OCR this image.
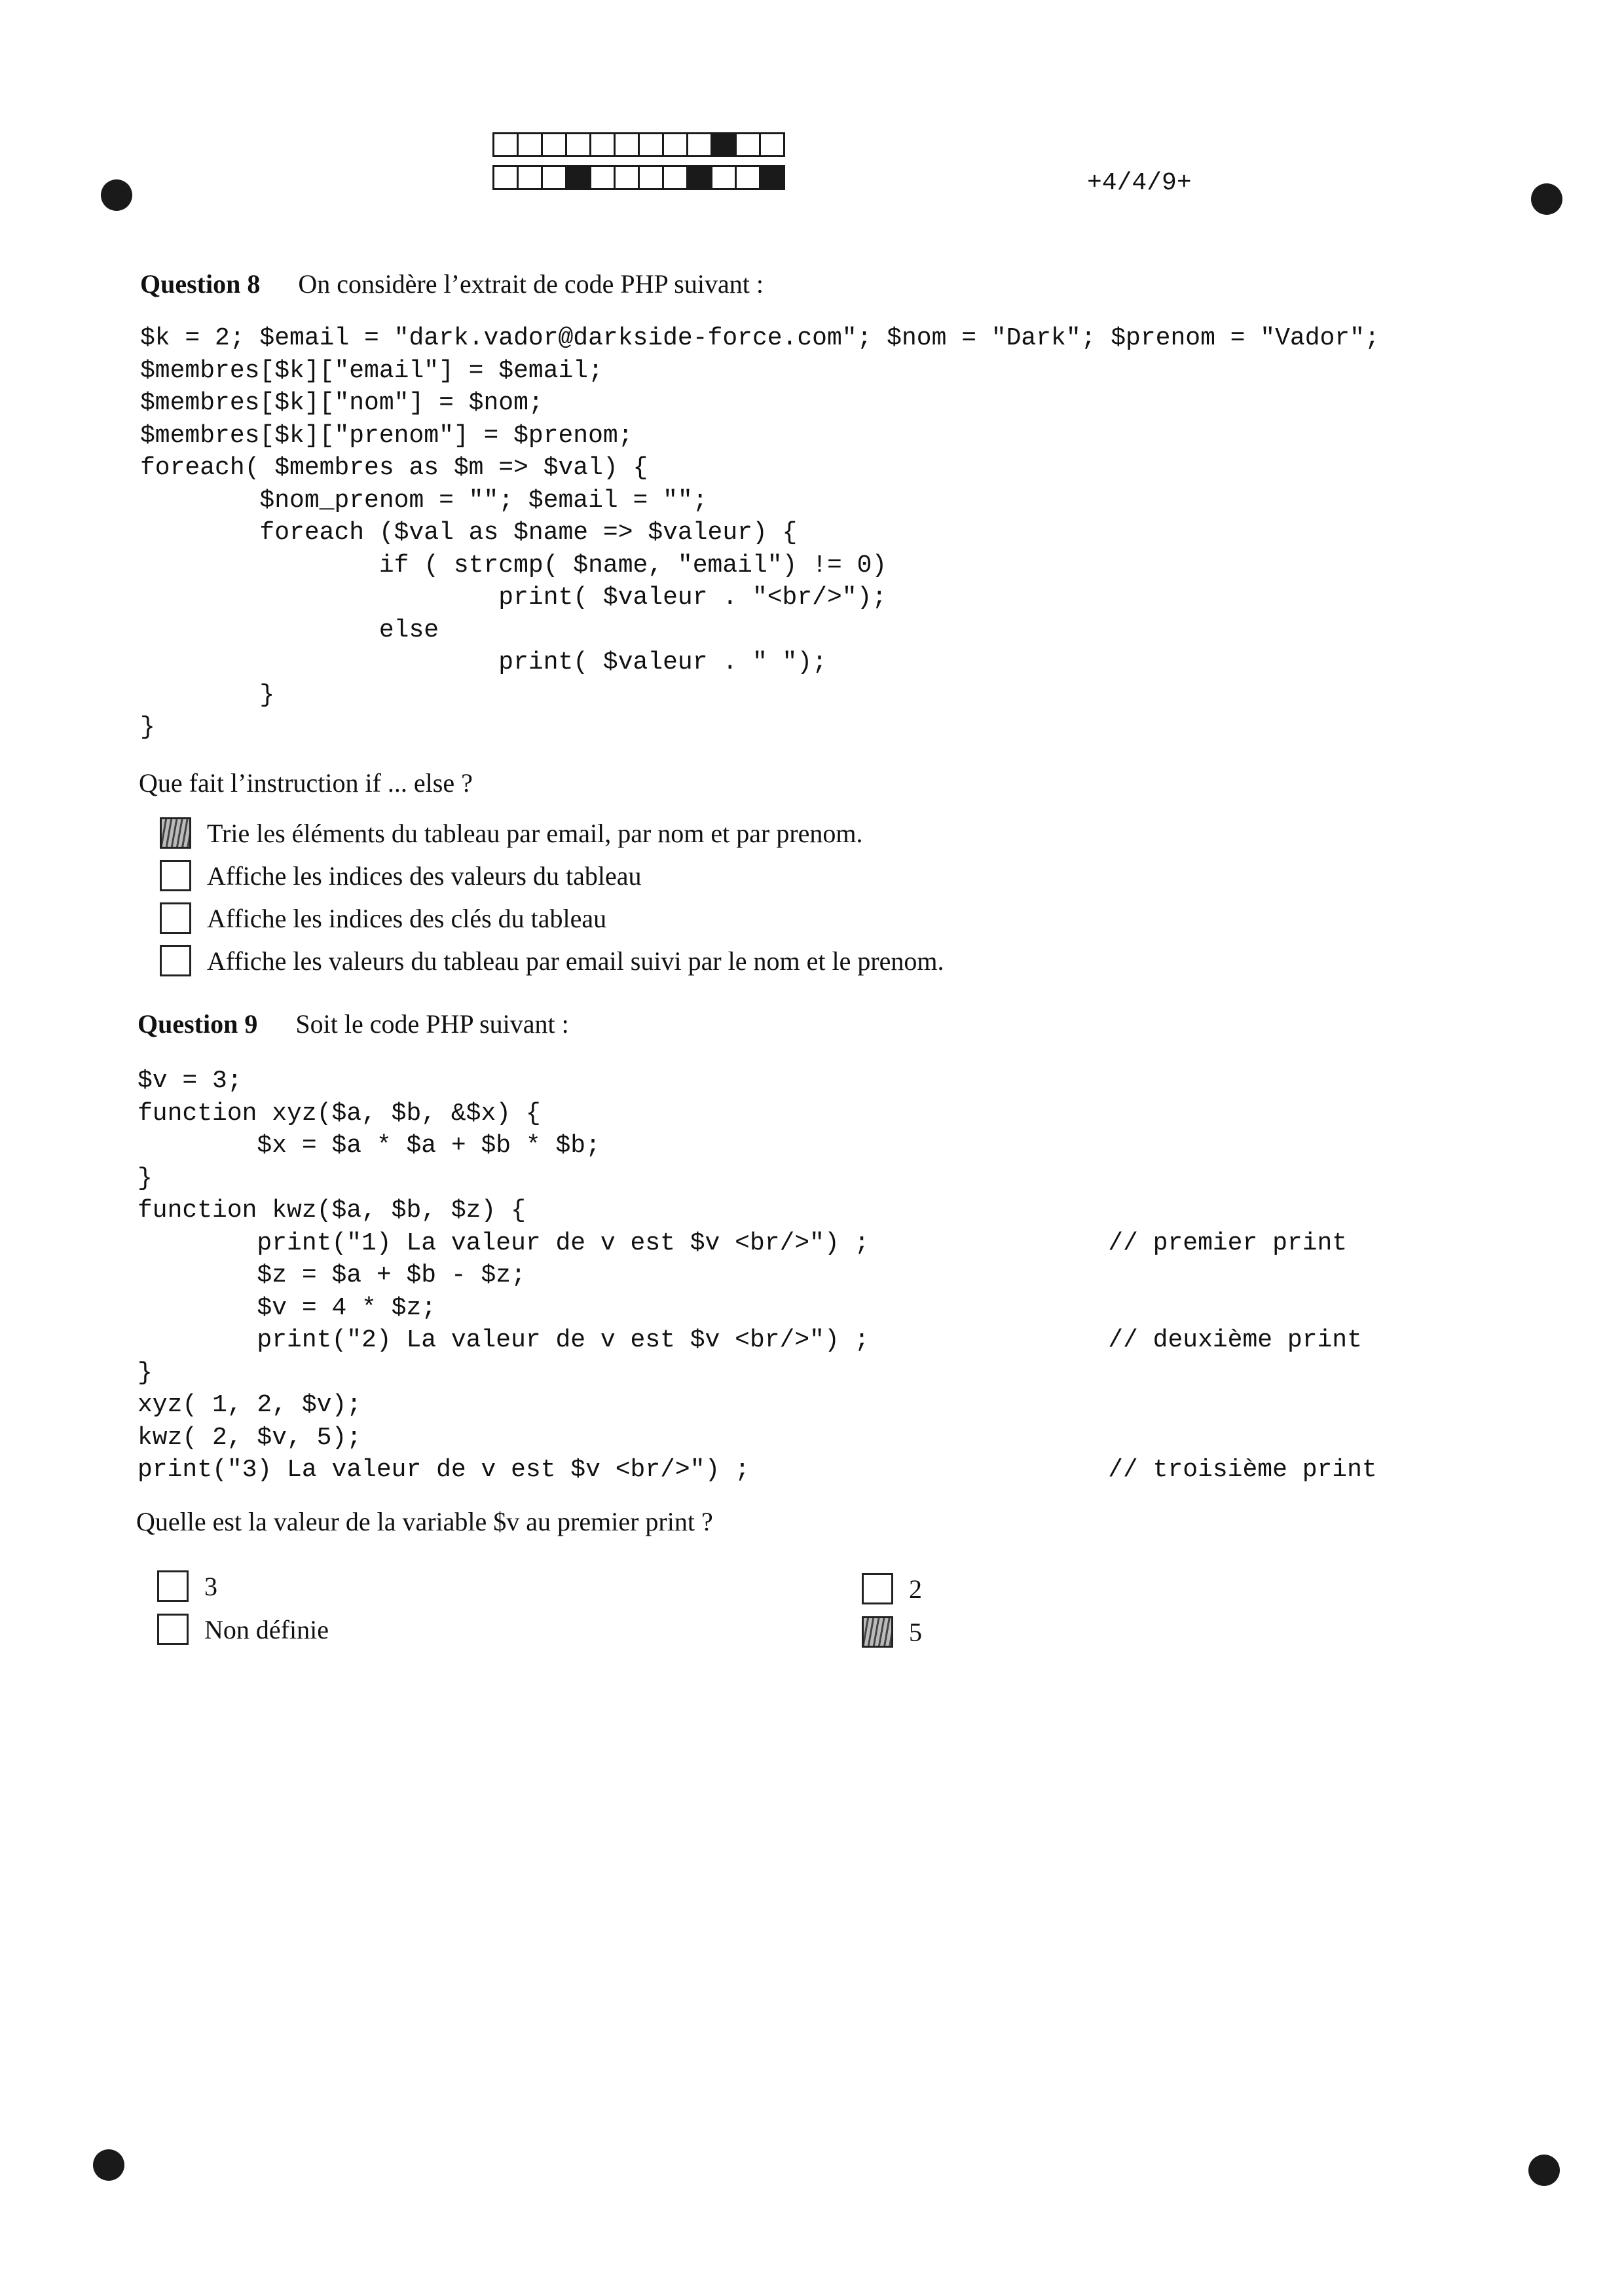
+4/4/9+
Question 8 On considère l’extrait de code PHP suivant :
$k = 2; $email = "dark.vador@darkside-force.com"; $nom = "Dark"; $prenom = "Vador";
$membres[$k]["email"] = $email;
$membres[$k]["nom"] = $nom;
$membres[$k]["prenom"] = $prenom;
foreach( $membres as $m => $val) {
$nom_prenom = ""; $email = "";
foreach ($val as $name => $valeur) {
if ( strcmp( $name, "email") != 0)
print( $valeur . "<br/>");
else
print( $valeur . " ");
}
}
Que fait l’instruction if ... else ?
Trie les éléments du tableau par email, par nom et par prenom.
Affiche les indices des valeurs du tableau
Affiche les indices des clés du tableau
Affiche les valeurs du tableau par email suivi par le nom et le prenom.
Question 9 Soit le code PHP suivant :
$v = 3;
function xyz($a, $b, &$x) {
$x = $a * $a + $b * $b;
}
function kwz($a, $b, $z) {
print("1) La valeur de v est $v <br/>") ;                // premier print
$z = $a + $b - $z;
$v = 4 * $z;
print("2) La valeur de v est $v <br/>") ;                // deuxième print
}
xyz( 1, 2, $v);
kwz( 2, $v, 5);
print("3) La valeur de v est $v <br/>") ;                        // troisième print
Quelle est la valeur de la variable $v au premier print ?
3
Non définie
2
5
